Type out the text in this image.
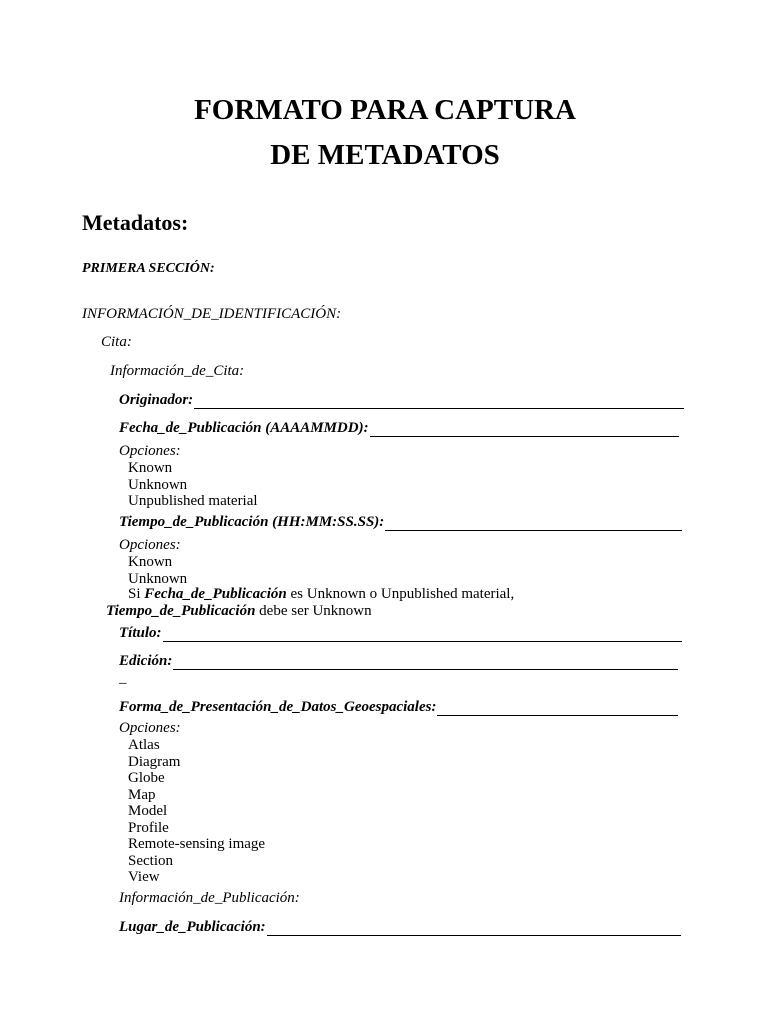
FORMATO PARA CAPTURA
DE METADATOS
Metadatos:
PRIMERA SECCIÓN:
INFORMACIÓN_DE_IDENTIFICACIÓN:
Cita:
Información_de_Cita:
Originador:
Fecha_de_Publicación (AAAAMMDD):
Opciones:
Known
Unknown
Unpublished material
Tiempo_de_Publicación (HH:MM:SS.SS):
Opciones:
Known
Unknown
Si Fecha_de_Publicación es Unknown o Unpublished material,
Tiempo_de_Publicación debe ser Unknown
Título:
Edición:
_
Forma_de_Presentación_de_Datos_Geoespaciales:
Opciones:
Atlas
Diagram
Globe
Map
Model
Profile
Remote-sensing image
Section
View
Información_de_Publicación:
Lugar_de_Publicación:
